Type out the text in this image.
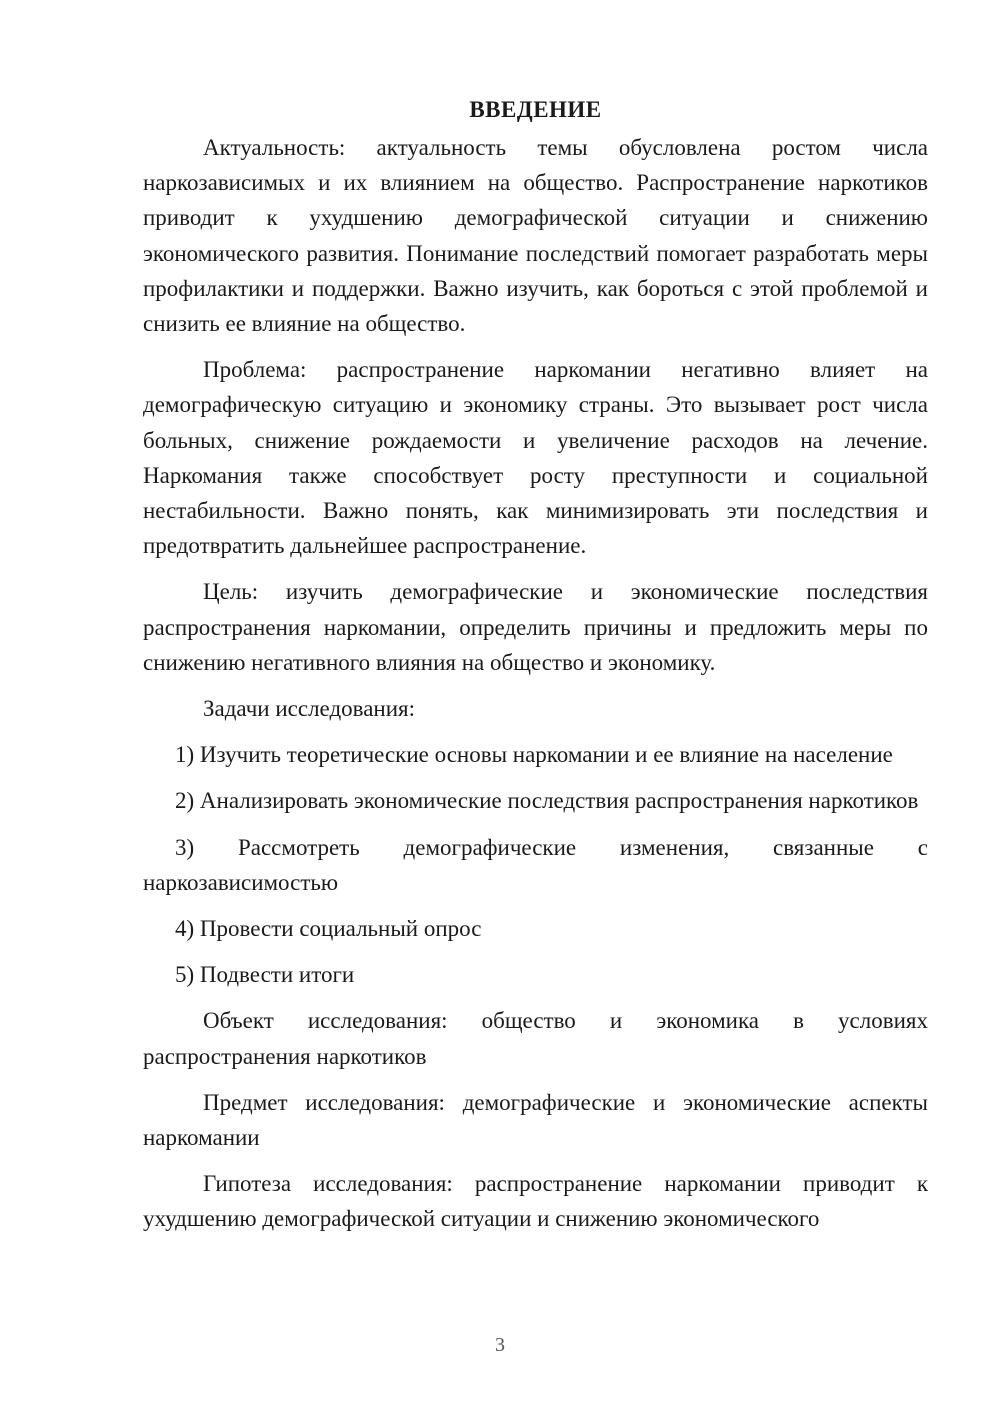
ВВЕДЕНИЕ

Актуальность: актуальность темы обусловлена ростом числа наркозависимых и их влиянием на общество. Распространение наркотиков приводит к ухудшению демографической ситуации и снижению экономического развития. Понимание последствий помогает разработать меры профилактики и поддержки. Важно изучить, как бороться с этой проблемой и снизить ее влияние на общество.

Проблема: распространение наркомании негативно влияет на демографическую ситуацию и экономику страны. Это вызывает рост числа больных, снижение рождаемости и увеличение расходов на лечение. Наркомания также способствует росту преступности и социальной нестабильности. Важно понять, как минимизировать эти последствия и предотвратить дальнейшее распространение.

Цель: изучить демографические и экономические последствия распространения наркомании, определить причины и предложить меры по снижению негативного влияния на общество и экономику.

Задачи исследования:

1) Изучить теоретические основы наркомании и ее влияние на население

2) Анализировать экономические последствия распространения наркотиков

3) Рассмотреть демографические изменения, связанные с наркозависимостью

4) Провести социальный опрос

5) Подвести итоги

Объект исследования: общество и экономика в условиях распространения наркотиков

Предмет исследования: демографические и экономические аспекты наркомании

Гипотеза исследования: распространение наркомании приводит к ухудшению демографической ситуации и снижению экономического

3
